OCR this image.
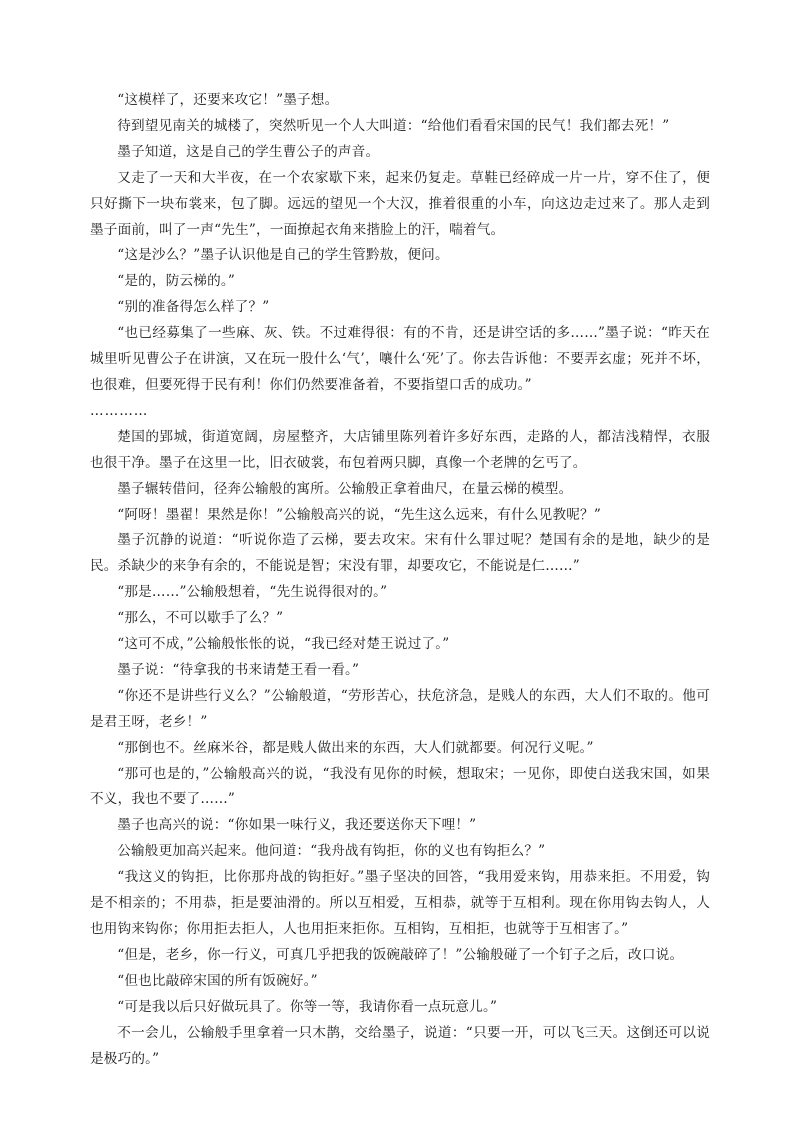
“这模样了，还要来攻它！”墨子想。

待到望见南关的城楼了，突然听见一个人大叫道：“给他们看看宋国的民气！我们都去死！”

墨子知道，这是自己的学生曹公子的声音。

又走了一天和大半夜，在一个农家歇下来，起来仍复走。草鞋已经碎成一片一片，穿不住了，便只好撕下一块布裳来，包了脚。远远的望见一个大汉，推着很重的小车，向这边走过来了。那人走到墨子面前，叫了一声“先生”，一面撩起衣角来揩脸上的汗，喘着气。

“这是沙么？”墨子认识他是自己的学生管黔敖，便问。

“是的，防云梯的。”

“别的准备得怎么样了？”

“也已经募集了一些麻、灰、铁。不过难得很：有的不肯，还是讲空话的多……”墨子说：“昨天在城里听见曹公子在讲演，又在玩一股什么‘气’，嚷什么‘死’了。你去告诉他：不要弄玄虚；死并不坏，也很难，但要死得于民有利！你们仍然要准备着，不要指望口舌的成功。”

…………

楚国的郢城，街道宽阔，房屋整齐，大店铺里陈列着许多好东西，走路的人，都洁浅精悍，衣服也很干净。墨子在这里一比，旧衣破裳，布包着两只脚，真像一个老牌的乞丐了。

墨子辗转借问，径奔公输般的寓所。公输般正拿着曲尺，在量云梯的模型。

“阿呀！墨翟！果然是你！”公输般高兴的说，“先生这么远来，有什么见教呢？”

墨子沉静的说道：“听说你造了云梯，要去攻宋。宋有什么罪过呢？楚国有余的是地，缺少的是民。杀缺少的来争有余的，不能说是智；宋没有罪，却要攻它，不能说是仁……”

“那是……”公输般想着，“先生说得很对的。”

“那么，不可以歇手了么？”

“这可不成，”公输般怅怅的说，“我已经对楚王说过了。”

墨子说：“待拿我的书来请楚王看一看。”

“你还不是讲些行义么？”公输般道，“劳形苦心，扶危济急，是贱人的东西，大人们不取的。他可是君王呀，老乡！”

“那倒也不。丝麻米谷，都是贱人做出来的东西，大人们就都要。何况行义呢。”

“那可也是的，”公输般高兴的说，“我没有见你的时候，想取宋；一见你，即使白送我宋国，如果不义，我也不要了……”

墨子也高兴的说：“你如果一味行义，我还要送你天下哩！”

公输般更加高兴起来。他问道：“我舟战有钩拒，你的义也有钩拒么？”

“我这义的钩拒，比你那舟战的钩拒好。”墨子坚决的回答，“我用爱来钩，用恭来拒。不用爱，钩是不相亲的；不用恭，拒是要油滑的。所以互相爱，互相恭，就等于互相利。现在你用钩去钩人，人也用钩来钩你；你用拒去拒人，人也用拒来拒你。互相钩，互相拒，也就等于互相害了。”

“但是，老乡，你一行义，可真几乎把我的饭碗敲碎了！”公输般碰了一个钉子之后，改口说。

“但也比敲碎宋国的所有饭碗好。”

“可是我以后只好做玩具了。你等一等，我请你看一点玩意儿。”

不一会儿，公输般手里拿着一只木鹊，交给墨子，说道：“只要一开，可以飞三天。这倒还可以说是极巧的。”
